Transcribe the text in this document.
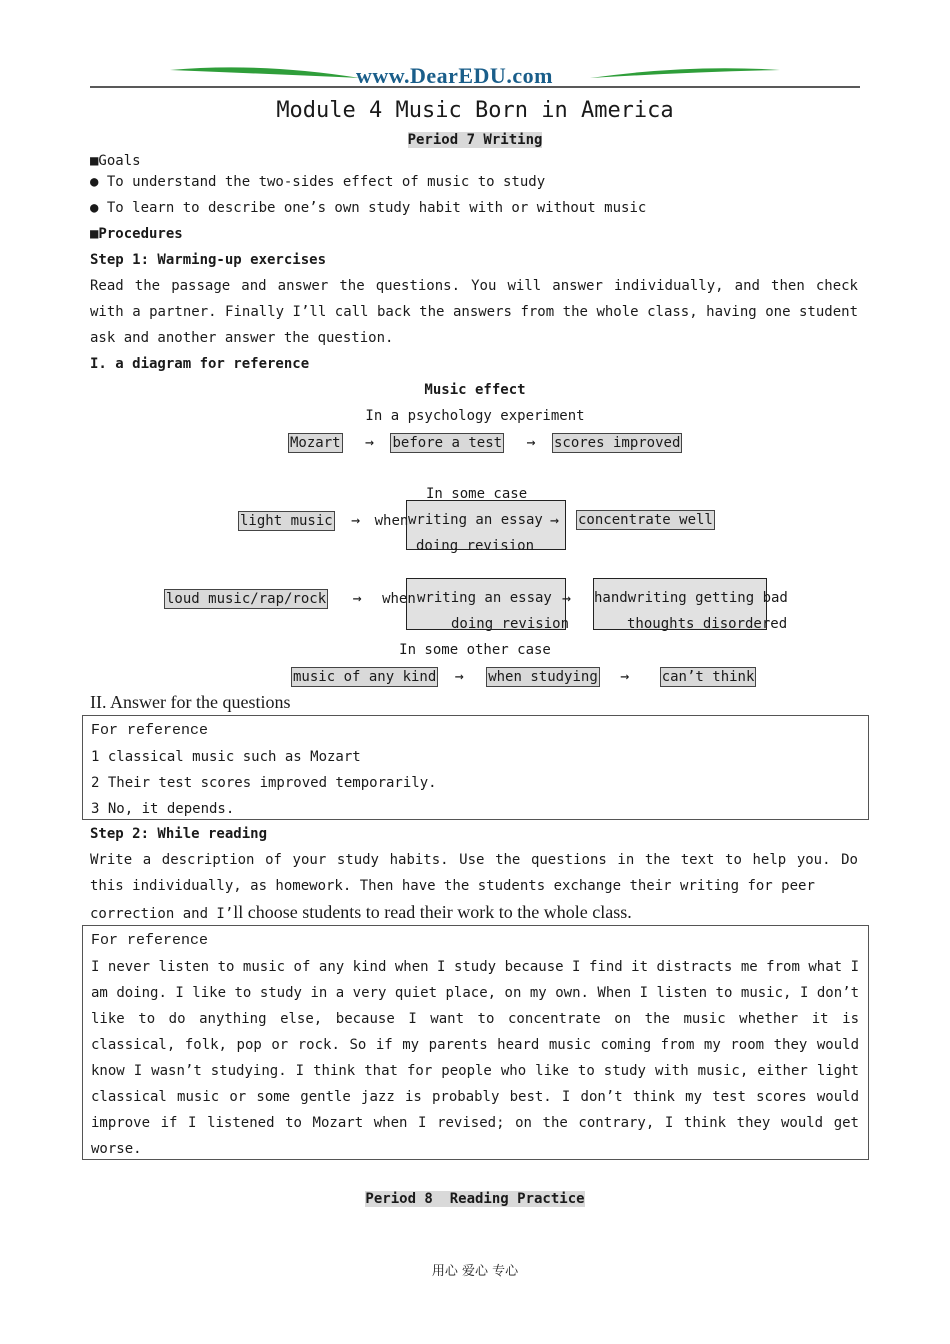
www.DearEDU.com
Module 4 Music Born in America
Period 7 Writing
■Goals
● To understand the two-sides effect of music to study
● To learn to describe one’s own study habit with or without music
■Procedures
Step 1: Warming-up exercises
Read the passage and answer the questions. You will answer individually, and then check with a partner. Finally I’ll call back the answers from the whole class, having one student ask and another answer the question.
I. a diagram for reference
Music effect
In a psychology experiment
Mozart → before a test → scores improved
In some case
light music → when writing an essay → concentrate well
doing revision
loud music/rap/rock → when writing an essay → handwriting getting bad
doing revision	thoughts disordered
In some other case
music of any kind → when studying → can’t think
II. Answer for the questions
For reference
1 classical music such as Mozart
2 Their test scores improved temporarily.
3 No, it depends.
Step 2: While reading
Write a description of your study habits. Use the questions in the text to help you. Do this individually, as homework. Then have the students exchange their writing for peer
correction and I’ll choose students to read their work to the whole class.
For reference
I never listen to music of any kind when I study because I find it distracts me from what I am doing. I like to study in a very quiet place, on my own. When I listen to music, I don’t like to do anything else, because I want to concentrate on the music whether it is classical, folk, pop or rock. So if my parents heard music coming from my room they would know I wasn’t studying. I think that for people who like to study with music, either light classical music or some gentle jazz is probably best. I don’t think my test scores would improve if I listened to Mozart when I revised; on the contrary, I think they would get worse.
Period 8  Reading Practice
用心 爱心 专心
